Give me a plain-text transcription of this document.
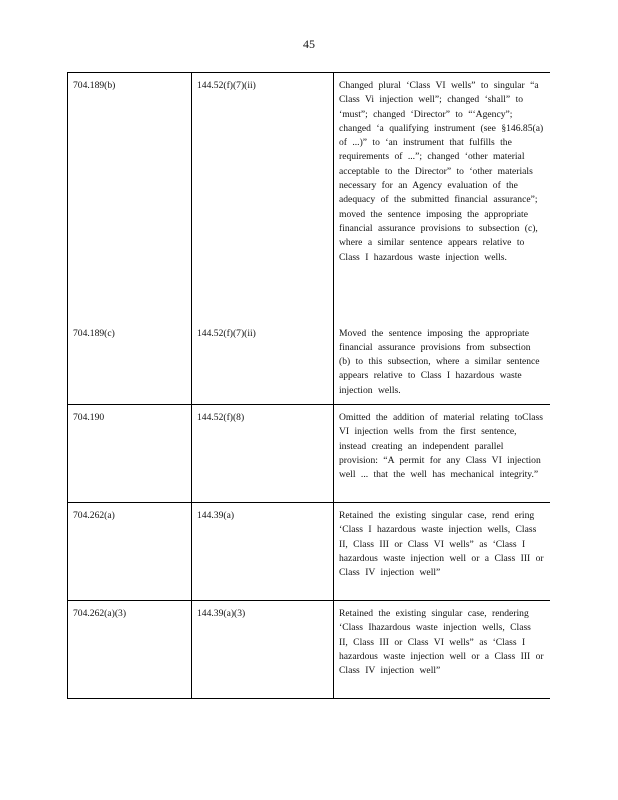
45
704.189(b)	144.52(f)(7)(ii)	Changed plural ‘Class VI wells” to singular “a Class Vi injection well”; changed ‘shall” to ‘must”; changed ‘Director” to “‘Agency”; changed ‘a qualifying instrument (see §146.85(a) of ...)” to ‘an instrument that fulfills the requirements of ...”; changed ‘other material acceptable to the Director” to ‘other materials necessary for an Agency evaluation of the adequacy of the submitted financial assurance”; moved the sentence imposing the appropriate financial assurance provisions to subsection (c), where a similar sentence appears relative to Class I hazardous waste injection wells.
704.189(c)	144.52(f)(7)(ii)	Moved the sentence imposing the appropriate financial assurance provisions from subsection (b) to this subsection, where a similar sentence appears relative to Class I hazardous waste injection wells.
704.190	144.52(f)(8)	Omitted the addition of material relating toClass VI injection wells from the first sentence, instead creating an independent parallel provision: “A permit for any Class VI injection well ... that the well has mechanical integrity.”
704.262(a)	144.39(a)	Retained the existing singular case, rend ering ‘Class I hazardous waste injection wells, Class II, Class III or Class VI wells” as ‘Class I hazardous waste injection well or a Class III or Class IV injection well”
704.262(a)(3)	144.39(a)(3)	Retained the existing singular case, rendering ‘Class Ihazardous waste injection wells, Class II, Class III or Class VI wells” as ‘Class I hazardous waste injection well or a Class III or Class IV injection well”
